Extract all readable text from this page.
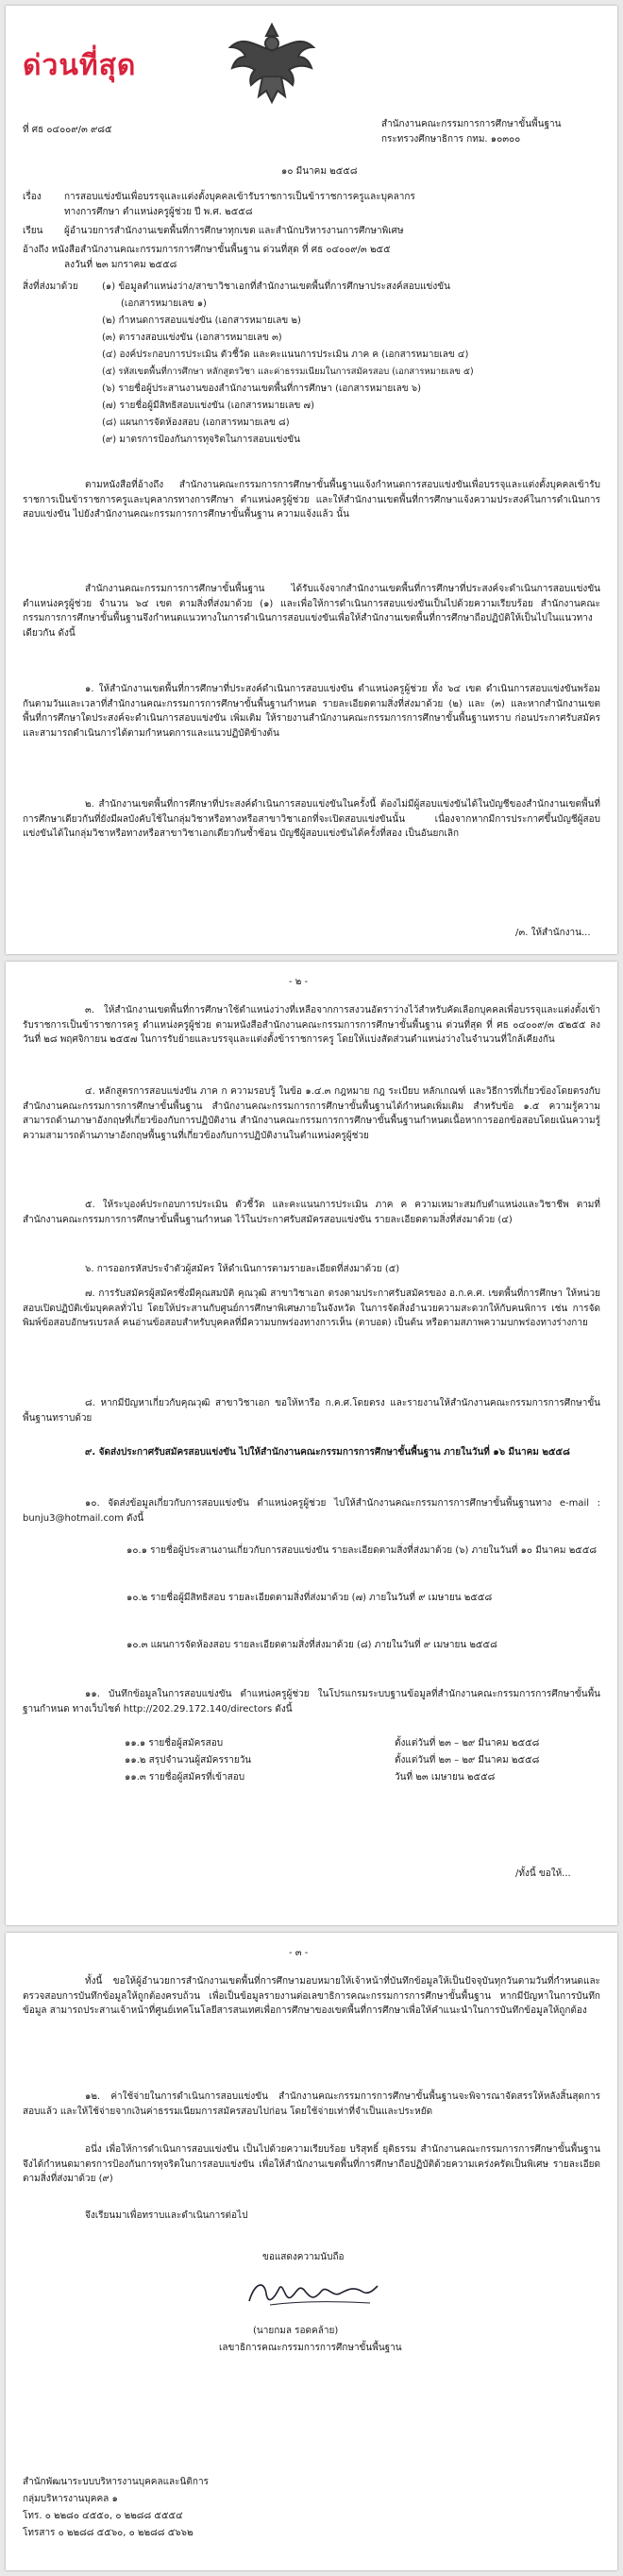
ด่วนที่สุด
ที่ ศธ ๐๔๐๐๙/๓ ๙๘๕
สำนักงานคณะกรรมการการศึกษาขั้นพื้นฐาน
กระทรวงศึกษาธิการ กทม. ๑๐๓๐๐
๑๐ มีนาคม ๒๕๕๘
เรื่อง การสอบแข่งขันเพื่อบรรจุและแต่งตั้งบุคคลเข้ารับราชการเป็นข้าราชการครูและบุคลากร
ทางการศึกษา ตำแหน่งครูผู้ช่วย ปี พ.ศ. ๒๕๕๘
เรียน ผู้อำนวยการสำนักงานเขตพื้นที่การศึกษาทุกเขต และสำนักบริหารงานการศึกษาพิเศษ
อ้างถึง หนังสือสำนักงานคณะกรรมการการศึกษาขั้นพื้นฐาน ด่วนที่สุด ที่ ศธ ๐๔๐๐๙/๓ ๒๕๕
ลงวันที่ ๒๓ มกราคม ๒๕๕๘
สิ่งที่ส่งมาด้วย	(๑) ข้อมูลตำแหน่งว่าง/สาขาวิชาเอกที่สำนักงานเขตพื้นที่การศึกษาประสงค์สอบแข่งขัน
(เอกสารหมายเลข ๑)
(๒) กำหนดการสอบแข่งขัน (เอกสารหมายเลข ๒)
(๓) ตารางสอบแข่งขัน (เอกสารหมายเลข ๓)
(๔) องค์ประกอบการประเมิน ตัวชี้วัด และคะแนนการประเมิน ภาค ค (เอกสารหมายเลข ๔)
(๕) รหัสเขตพื้นที่การศึกษา หลักสูตรวิชา และค่าธรรมเนียมในการสมัครสอบ (เอกสารหมายเลข ๕)
(๖) รายชื่อผู้ประสานงานของสำนักงานเขตพื้นที่การศึกษา (เอกสารหมายเลข ๖)
(๗) รายชื่อผู้มีสิทธิสอบแข่งขัน (เอกสารหมายเลข ๗)
(๘) แผนการจัดห้องสอบ (เอกสารหมายเลข ๘)
(๙) มาตรการป้องกันการทุจริตในการสอบแข่งขัน
ตามหนังสือที่อ้างถึง สำนักงานคณะกรรมการการศึกษาขั้นพื้นฐานแจ้งกำหนดการสอบแข่งขันเพื่อบรรจุและแต่งตั้งบุคคลเข้ารับราชการเป็นข้าราชการครูและบุคลากรทางการศึกษา ตำแหน่งครูผู้ช่วย และให้สำนักงานเขตพื้นที่การศึกษาแจ้งความประสงค์ในการดำเนินการสอบแข่งขัน ไปยังสำนักงานคณะกรรมการการศึกษาขั้นพื้นฐาน ความแจ้งแล้ว นั้น
สำนักงานคณะกรรมการการศึกษาขั้นพื้นฐาน ได้รับแจ้งจากสำนักงานเขตพื้นที่การศึกษาที่ประสงค์จะดำเนินการสอบแข่งขัน ตำแหน่งครูผู้ช่วย จำนวน ๖๔ เขต ตามสิ่งที่ส่งมาด้วย (๑) และเพื่อให้การดำเนินการสอบแข่งขันเป็นไปด้วยความเรียบร้อย สำนักงานคณะกรรมการการศึกษาขั้นพื้นฐานจึงกำหนดแนวทางในการดำเนินการสอบแข่งขันเพื่อให้สำนักงานเขตพื้นที่การศึกษาถือปฏิบัติให้เป็นไปในแนวทางเดียวกัน ดังนี้
๑. ให้สำนักงานเขตพื้นที่การศึกษาที่ประสงค์ดำเนินการสอบแข่งขัน ตำแหน่งครูผู้ช่วย ทั้ง ๖๔ เขต ดำเนินการสอบแข่งขันพร้อมกันตามวันและเวลาที่สำนักงานคณะกรรมการการศึกษาขั้นพื้นฐานกำหนด รายละเอียดตามสิ่งที่ส่งมาด้วย (๒) และ (๓) และหากสำนักงานเขตพื้นที่การศึกษาใดประสงค์จะดำเนินการสอบแข่งขัน เพิ่มเติม ให้รายงานสำนักงานคณะกรรมการการศึกษาขั้นพื้นฐานทราบ ก่อนประกาศรับสมัคร และสามารถดำเนินการได้ตามกำหนดการและแนวปฏิบัติข้างต้น
๒. สำนักงานเขตพื้นที่การศึกษาที่ประสงค์ดำเนินการสอบแข่งขันในครั้งนี้ ต้องไม่มีผู้สอบแข่งขันได้ในบัญชีของสำนักงานเขตพื้นที่การศึกษาเดียวกันที่ยังมีผลบังคับใช้ในกลุ่มวิชาหรือทางหรือสาขาวิชาเอกที่จะเปิดสอบแข่งขันนั้น เนื่องจากหากมีการประกาศขึ้นบัญชีผู้สอบแข่งขันได้ในกลุ่มวิชาหรือทางหรือสาขาวิชาเอกเดียวกันซ้ำซ้อน บัญชีผู้สอบแข่งขันได้ครั้งที่สอง เป็นอันยกเลิก
/๓. ให้สำนักงาน...
- ๒ -
๓. ให้สำนักงานเขตพื้นที่การศึกษาใช้ตำแหน่งว่างที่เหลือจากการสงวนอัตราว่างไว้สำหรับคัดเลือกบุคคลเพื่อบรรจุและแต่งตั้งเข้ารับราชการเป็นข้าราชการครู ตำแหน่งครูผู้ช่วย ตามหนังสือสำนักงานคณะกรรมการการศึกษาขั้นพื้นฐาน ด่วนที่สุด ที่ ศธ ๐๔๐๐๙/๓ ๕๒๕๕ ลงวันที่ ๒๘ พฤศจิกายน ๒๕๕๗ ในการรับย้ายและบรรจุและแต่งตั้งข้าราชการครู โดยให้แบ่งสัดส่วนตำแหน่งว่างในจำนวนที่ใกล้เคียงกัน
๔. หลักสูตรการสอบแข่งขัน ภาค ก ความรอบรู้ ในข้อ ๑.๔.๓ กฎหมาย กฎ ระเบียบ หลักเกณฑ์ และวิธีการที่เกี่ยวข้องโดยตรงกับสำนักงานคณะกรรมการการศึกษาขั้นพื้นฐาน สำนักงานคณะกรรมการการศึกษาขั้นพื้นฐานได้กำหนดเพิ่มเติม สำหรับข้อ ๑.๕ ความรู้ความสามารถด้านภาษาอังกฤษที่เกี่ยวข้องกับการปฏิบัติงาน สำนักงานคณะกรรมการการศึกษาขั้นพื้นฐานกำหนดเนื้อหาการออกข้อสอบโดยเน้นความรู้ความสามารถด้านภาษาอังกฤษพื้นฐานที่เกี่ยวข้องกับการปฏิบัติงานในตำแหน่งครูผู้ช่วย
๕. ให้ระบุองค์ประกอบการประเมิน ตัวชี้วัด และคะแนนการประเมิน ภาค ค ความเหมาะสมกับตำแหน่งและวิชาชีพ ตามที่สำนักงานคณะกรรมการการศึกษาขั้นพื้นฐานกำหนด ไว้ในประกาศรับสมัครสอบแข่งขัน รายละเอียดตามสิ่งที่ส่งมาด้วย (๔)
๖. การออกรหัสประจำตัวผู้สมัคร ให้ดำเนินการตามรายละเอียดที่ส่งมาด้วย (๕)
๗. การรับสมัครผู้สมัครซึ่งมีคุณสมบัติ คุณวุฒิ สาขาวิชาเอก ตรงตามประกาศรับสมัครของ อ.ก.ค.ศ. เขตพื้นที่การศึกษา ให้หน่วยสอบเปิดปฏิบัติเข้มบุคคลทั่วไป โดยให้ประสานกับศูนย์การศึกษาพิเศษภายในจังหวัด ในการจัดสิ่งอำนวยความสะดวกให้กับคนพิการ เช่น การจัดพิมพ์ข้อสอบอักษรเบรลล์ คนอ่านข้อสอบสำหรับบุคคลที่มีความบกพร่องทางการเห็น (ตาบอด) เป็นต้น หรือตามสภาพความบกพร่องทางร่างกาย
๘. หากมีปัญหาเกี่ยวกับคุณวุฒิ สาขาวิชาเอก ขอให้หารือ ก.ค.ศ.โดยตรง และรายงานให้สำนักงานคณะกรรมการการศึกษาขั้นพื้นฐานทราบด้วย
๙. จัดส่งประกาศรับสมัครสอบแข่งขัน ไปให้สำนักงานคณะกรรมการการศึกษาขั้นพื้นฐาน ภายในวันที่ ๑๖ มีนาคม ๒๕๕๘
๑๐. จัดส่งข้อมูลเกี่ยวกับการสอบแข่งขัน ตำแหน่งครูผู้ช่วย ไปให้สำนักงานคณะกรรมการการศึกษาขั้นพื้นฐานทาง e-mail : bunju3@hotmail.com ดังนี้
๑๐.๑ รายชื่อผู้ประสานงานเกี่ยวกับการสอบแข่งขัน รายละเอียดตามสิ่งที่ส่งมาด้วย (๖) ภายในวันที่ ๑๐ มีนาคม ๒๕๕๘
๑๐.๒ รายชื่อผู้มีสิทธิสอบ รายละเอียดตามสิ่งที่ส่งมาด้วย (๗) ภายในวันที่ ๙ เมษายน ๒๕๕๘
๑๐.๓ แผนการจัดห้องสอบ รายละเอียดตามสิ่งที่ส่งมาด้วย (๘) ภายในวันที่ ๙ เมษายน ๒๕๕๘
๑๑. บันทึกข้อมูลในการสอบแข่งขัน ตำแหน่งครูผู้ช่วย ในโปรแกรมระบบฐานข้อมูลที่สำนักงานคณะกรรมการการศึกษาขั้นพื้นฐานกำหนด ทางเว็บไซต์ http://202.29.172.140/directors ดังนี้
๑๑.๑ รายชื่อผู้สมัครสอบ	ตั้งแต่วันที่ ๒๓ – ๒๙ มีนาคม ๒๕๕๘
๑๑.๒ สรุปจำนวนผู้สมัครรายวัน	ตั้งแต่วันที่ ๒๓ – ๒๙ มีนาคม ๒๕๕๘
๑๑.๓ รายชื่อผู้สมัครที่เข้าสอบ	วันที่ ๒๓ เมษายน ๒๕๕๘
/ทั้งนี้ ขอให้...
- ๓ -
ทั้งนี้ ขอให้ผู้อำนวยการสำนักงานเขตพื้นที่การศึกษามอบหมายให้เจ้าหน้าที่บันทึกข้อมูลให้เป็นปัจจุบันทุกวันตามวันที่กำหนดและตรวจสอบการบันทึกข้อมูลให้ถูกต้องครบถ้วน เพื่อเป็นข้อมูลรายงานต่อเลขาธิการคณะกรรมการการศึกษาขั้นพื้นฐาน หากมีปัญหาในการบันทึกข้อมูล สามารถประสานเจ้าหน้าที่ศูนย์เทคโนโลยีสารสนเทศเพื่อการศึกษาของเขตพื้นที่การศึกษาเพื่อให้คำแนะนำในการบันทึกข้อมูลให้ถูกต้อง
๑๒. ค่าใช้จ่ายในการดำเนินการสอบแข่งขัน สำนักงานคณะกรรมการการศึกษาขั้นพื้นฐานจะพิจารณาจัดสรรให้หลังสิ้นสุดการสอบแล้ว และให้ใช้จ่ายจากเงินค่าธรรมเนียมการสมัครสอบไปก่อน โดยใช้จ่ายเท่าที่จำเป็นและประหยัด
อนึ่ง เพื่อให้การดำเนินการสอบแข่งขัน เป็นไปด้วยความเรียบร้อย บริสุทธิ์ ยุติธรรม สำนักงานคณะกรรมการการศึกษาขั้นพื้นฐานจึงได้กำหนดมาตรการป้องกันการทุจริตในการสอบแข่งขัน เพื่อให้สำนักงานเขตพื้นที่การศึกษาถือปฏิบัติด้วยความเคร่งครัดเป็นพิเศษ รายละเอียดตามสิ่งที่ส่งมาด้วย (๙)
จึงเรียนมาเพื่อทราบและดำเนินการต่อไป
ขอแสดงความนับถือ
(นายกมล รอดคล้าย)
เลขาธิการคณะกรรมการการศึกษาขั้นพื้นฐาน
สำนักพัฒนาระบบบริหารงานบุคคลและนิติการ
กลุ่มบริหารงานบุคคล ๑
โทร. ๐ ๒๒๘๐ ๔๕๕๐, ๐ ๒๒๘๘ ๕๕๕๔
โทรสาร ๐ ๒๒๘๘ ๕๕๖๐, ๐ ๒๒๘๘ ๕๖๖๒
